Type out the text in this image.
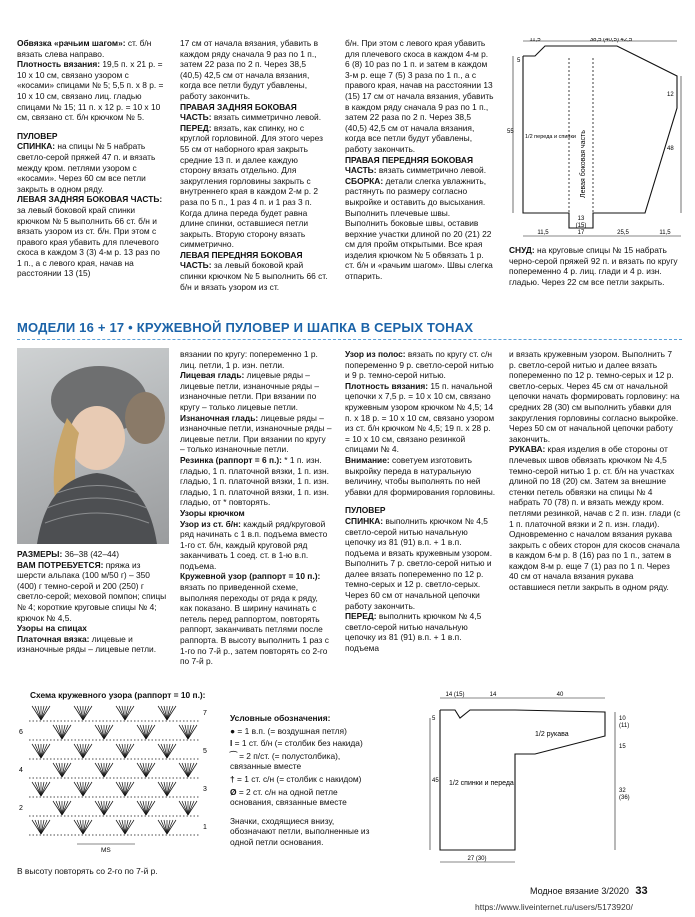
Обвязка «рачьим шагом»: ст. б/н вязать слева направо.

Плотность вязания: 19,5 п. х 21 р. = 10 х 10 см, связано узором с «косами» спицами № 5; 5,5 п. х 8 р. = 10 х 10 см, связано лиц. гладью спицами № 15; 11 п. х 12 р. = 10 х 10 см, связано ст. б/н крючком № 5.

ПУЛОВЕР

СПИНКА: на спицы № 5 набрать светло-серой пряжей 47 п. и вязать между кром. петлями узором с «косами». Через 60 см все петли закрыть в одном ряду.

ЛЕВАЯ ЗАДНЯЯ БОКОВАЯ ЧАСТЬ: за левый боковой край спинки крючком № 5 выполнить 66 ст. б/н и вязать узором из ст. б/н. При этом с правого края убавить для плечевого скоса в каждом 3 (3) 4-м р. 13 раз по 1 п., а с левого края, начав на расстоянии 13 (15)

17 см от начала вязания, убавить в каждом ряду сначала 9 раз по 1 п., затем 22 раза по 2 п. Через 38,5 (40,5) 42,5 см от начала вязания, когда все петли будут убавлены, работу закончить.

ПРАВАЯ ЗАДНЯЯ БОКОВАЯ ЧАСТЬ: вязать симметрично левой.

ПЕРЕД: вязать, как спинку, но с круглой горловиной. Для этого через 55 см от наборного края закрыть средние 13 п. и далее каждую сторону вязать отдельно. Для закругления горловины закрыть с внутреннего края в каждом 2-м р. 2 раза по 5 п., 1 раз 4 п. и 1 раз 3 п. Когда длина переда будет равна длине спинки, оставшиеся петли закрыть. Вторую сторону вязать симметрично.

ЛЕВАЯ ПЕРЕДНЯЯ БОКОВАЯ ЧАСТЬ: за левый боковой край спинки крючком № 5 выполнить 66 ст. б/н и вязать узором из ст.

б/н. При этом с левого края убавить для плечевого скоса в каждом 4-м р. 6 (8) 10 раз по 1 п. и затем в каждом 3-м р. еще 7 (5) 3 раза по 1 п., а с правого края, начав на расстоянии 13 (15) 17 см от начала вязания, убавить в каждом ряду сначала 9 раз по 1 п., затем 22 раза по 2 п. Через 38,5 (40,5) 42,5 см от начала вязания, когда все петли будут убавлены, работу закончить.

ПРАВАЯ ПЕРЕДНЯЯ БОКОВАЯ ЧАСТЬ: вязать симметрично левой.

СБОРКА: детали слегка увлажнить, растянуть по размеру согласно выкройке и оставить до высыхания. Выполнить плечевые швы. Выполнить боковые швы, оставив верхние участки длиной по 20 (21) 22 см для пройм открытыми. Все края изделия крючком № 5 обвязать 1 р. ст. б/н и «рачьим шагом». Швы слегка отпарить.

СНУД: на круговые спицы № 15 набрать черно-серой пряжей 92 п. и вязать по кругу попеременно 4 р. лиц. глади и 4 р. изн. гладью. Через 22 см все петли закрыть.

11,5	38,5 (40,5) 42,5
5
55
12
48
11,5
13
(15)
17	25,5	11,5
1/2 переда и спинки Левая боковая часть
МОДЕЛИ 16 + 17 • КРУЖЕВНОЙ ПУЛОВЕР И ШАПКА В СЕРЫХ ТОНАХ

РАЗМЕРЫ: 36–38 (42–44)

ВАМ ПОТРЕБУЕТСЯ: пряжа из шерсти альпака (100 м/50 г) – 350 (400) г темно-серой и 200 (250) г светло-серой; меховой помпон; спицы № 4; короткие круговые спицы № 4; крючок № 4,5.

Узоры на спицах

Платочная вязка: лицевые и изнаночные ряды – лицевые петли.

вязании по кругу: попеременно 1 р. лиц. петли, 1 р. изн. петли.

Лицевая гладь: лицевые ряды – лицевые петли, изнаночные ряды – изнаночные петли. При вязании по кругу – только лицевые петли.

Изнаночная гладь: лицевые ряды – изнаночные петли, изнаночные ряды – лицевые петли. При вязании по кругу – только изнаночные петли.

Резинка (раппорт = 6 п.): * 1 п. изн. гладью, 1 п. платочной вязки, 1 п. изн. гладью, 1 п. платочной вязки, 1 п. изн. гладью, 1 п. платочной вязки, 1 п. изн. гладью, от * повторять.

Узоры крючком

Узор из ст. б/н: каждый ряд/круговой ряд начинать с 1 в.п. подъема вместо 1-го ст. б/н, каждый круговой ряд заканчивать 1 соед. ст. в 1-ю в.п. подъема.

Кружевной узор (раппорт = 10 п.): вязать по приведенной схеме, выполняя переходы от ряда к ряду, как показано. В ширину начинать с петель перед раппортом, повторять раппорт, заканчивать петлями после раппорта. В высоту выполнить 1 раз с 1-го по 7-й р., затем повторять со 2-го по 7-й р.

Узор из полос: вязать по кругу ст. с/н попеременно 9 р. светло-серой нитью и 9 р. темно-серой нитью.

Плотность вязания: 15 п. начальной цепочки х 7,5 р. = 10 х 10 см, связано кружевным узором крючком № 4,5; 14 п. х 18 р. = 10 х 10 см, связано узором из ст. б/н крючком № 4,5; 19 п. х 28 р. = 10 х 10 см, связано резинкой спицами № 4.

Внимание: советуем изготовить выкройку переда в натуральную величину, чтобы выполнять по ней убавки для формирования горловины.

ПУЛОВЕР

СПИНКА: выполнить крючком № 4,5 светло-серой нитью начальную цепочку из 81 (91) в.п. + 1 в.п. подъема и вязать кружевным узором. Выполнить 7 р. светло-серой нитью и далее вязать попеременно по 12 р. темно-серых и 12 р. светло-серых. Через 60 см от начальной цепочки работу закончить.

ПЕРЕД: выполнить крючком № 4,5 светло-серой нитью начальную цепочку из 81 (91) в.п. + 1 в.п. подъема

и вязать кружевным узором. Выполнить 7 р. светло-серой нитью и далее вязать попеременно по 12 р. темно-серых и 12 р. светло-серых. Через 45 см от начальной цепочки начать формировать горловину: на средних 28 (30) см выполнить убавки для закругления горловины согласно выкройке. Через 50 см от начальной цепочки работу закончить.

РУКАВА: края изделия в обе стороны от плечевых швов обвязать крючком № 4,5 темно-серой нитью 1 р. ст. б/н на участках длиной по 18 (20) см. Затем за внешние стенки петель обвязки на спицы № 4 набрать 70 (78) п. и вязать между кром. петлями резинкой, начав с 2 п. изн. глади (с 1 п. платочной вязки и 2 п. изн. глади). Одновременно с началом вязания рукава закрыть с обеих сторон для скосов сначала в каждом 6-м р. 8 (16) раз по 1 п., затем в каждом 8-м р. еще 7 (1) раз по 1 п. Через 40 см от начала вязания рукава оставшиеся петли закрыть в одном ряду.

Схема кружевного узора (раппорт = 10 п.):
7
6
5
4
3
2
1
MS
В высоту повторять со 2-го по 7-й р.

Условные обозначения:

● = 1 в.п. (= воздушная петля)

I = 1 ст. б/н (= столбик без накида)

⁀ = 2 п/ст. (= полустолбика), связанные вместе

† = 1 ст. с/н (= столбик с накидом)

Ø = 2 ст. с/н на одной петле основания, связанные вместе

Значки, сходящиеся внизу, обозначают петли, выполненные из одной петли основания.

14 (15)	14	40
1/2 рукава
1/2 спинки и переда
45
5	10
(11)
15
32
(36)
27 (30)
Модное вязание 3/2020 33
https://www.liveinternet.ru/users/5173920/
